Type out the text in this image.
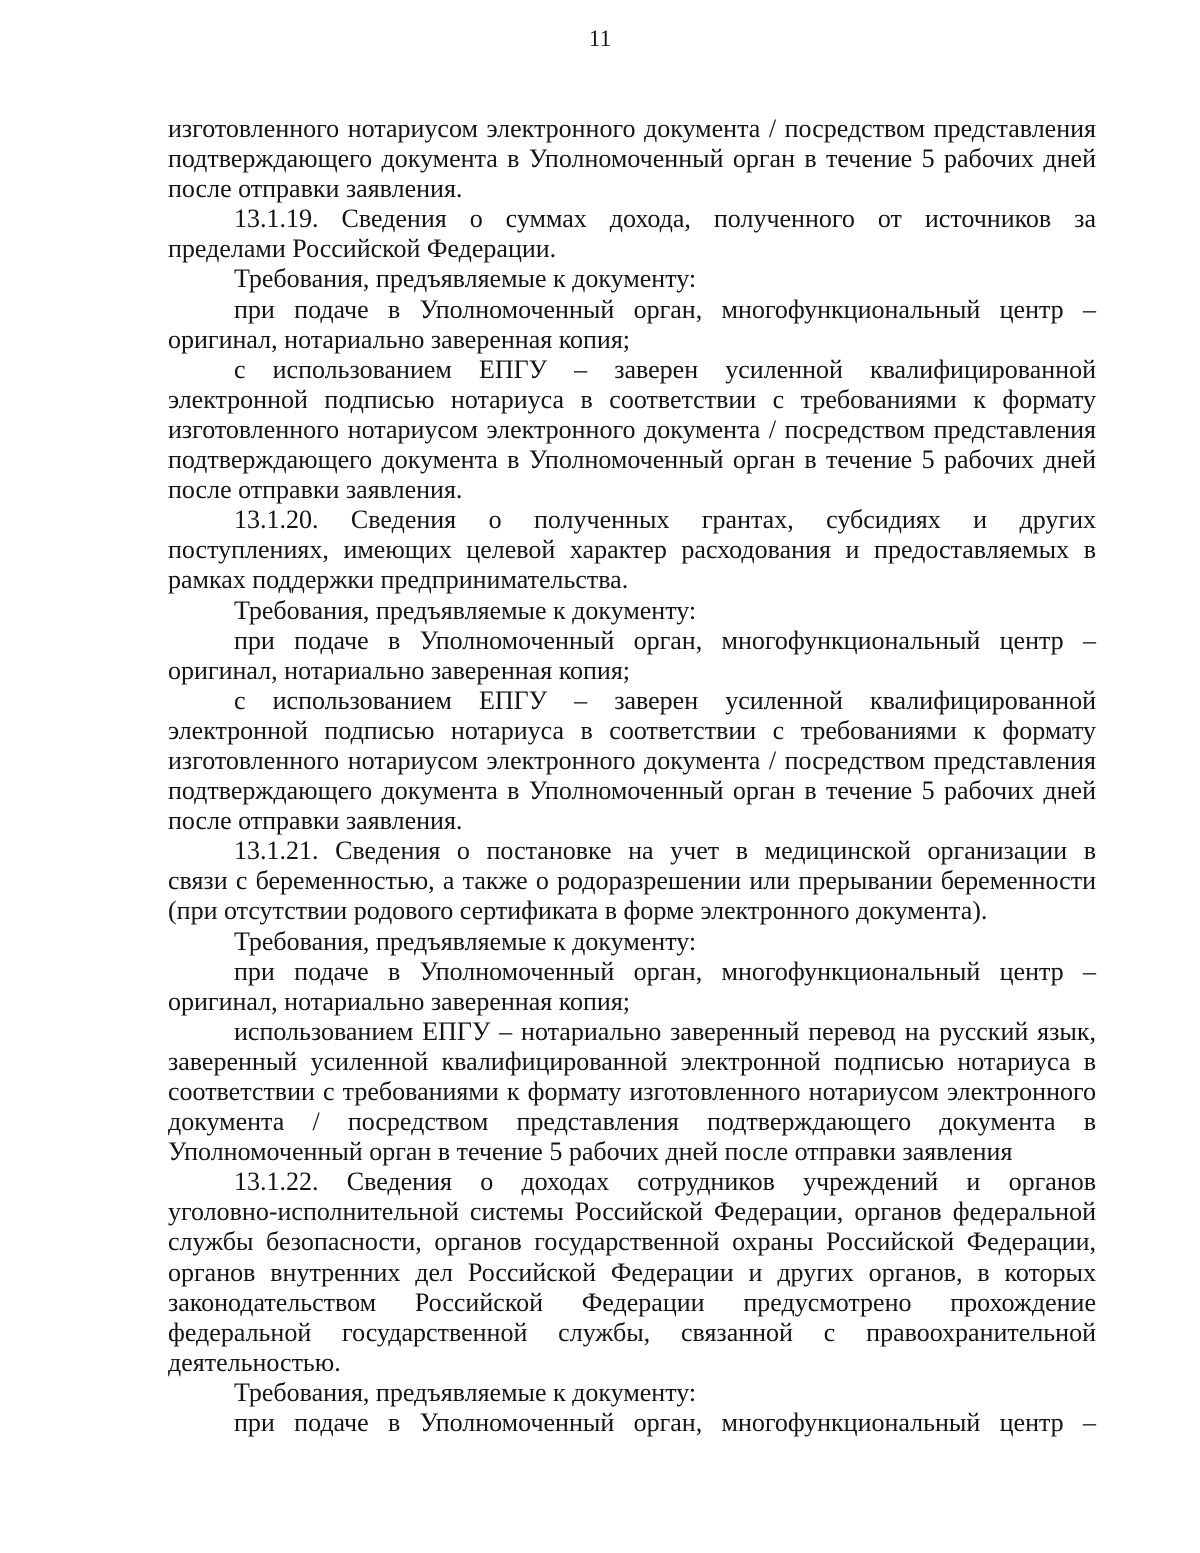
11
изготовленного нотариусом электронного документа / посредством представления
подтверждающего документа в Уполномоченный орган в течение 5 рабочих дней
после отправки заявления.
13.1.19. Сведения о суммах дохода, полученного от источников за
пределами Российской Федерации.
Требования, предъявляемые к документу:
при подаче в Уполномоченный орган, многофункциональный центр –
оригинал, нотариально заверенная копия;
с использованием ЕПГУ – заверен усиленной квалифицированной
электронной подписью нотариуса в соответствии с требованиями к формату
изготовленного нотариусом электронного документа / посредством представления
подтверждающего документа в Уполномоченный орган в течение 5 рабочих дней
после отправки заявления.
13.1.20. Сведения о полученных грантах, субсидиях и других
поступлениях, имеющих целевой характер расходования и предоставляемых в
рамках поддержки предпринимательства.
Требования, предъявляемые к документу:
при подаче в Уполномоченный орган, многофункциональный центр –
оригинал, нотариально заверенная копия;
с использованием ЕПГУ – заверен усиленной квалифицированной
электронной подписью нотариуса в соответствии с требованиями к формату
изготовленного нотариусом электронного документа / посредством представления
подтверждающего документа в Уполномоченный орган в течение 5 рабочих дней
после отправки заявления.
13.1.21. Сведения о постановке на учет в медицинской организации в
связи с беременностью, а также о родоразрешении или прерывании беременности
(при отсутствии родового сертификата в форме электронного документа).
Требования, предъявляемые к документу:
при подаче в Уполномоченный орган, многофункциональный центр –
оригинал, нотариально заверенная копия;
использованием ЕПГУ – нотариально заверенный перевод на русский язык,
заверенный усиленной квалифицированной электронной подписью нотариуса в
соответствии с требованиями к формату изготовленного нотариусом электронного
документа / посредством представления подтверждающего документа в
Уполномоченный орган в течение 5 рабочих дней после отправки заявления
13.1.22. Сведения о доходах сотрудников учреждений и органов
уголовно-исполнительной системы Российской Федерации, органов федеральной
службы безопасности, органов государственной охраны Российской Федерации,
органов внутренних дел Российской Федерации и других органов, в которых
законодательством Российской Федерации предусмотрено прохождение
федеральной государственной службы, связанной с правоохранительной
деятельностью.
Требования, предъявляемые к документу:
при подаче в Уполномоченный орган, многофункциональный центр –
